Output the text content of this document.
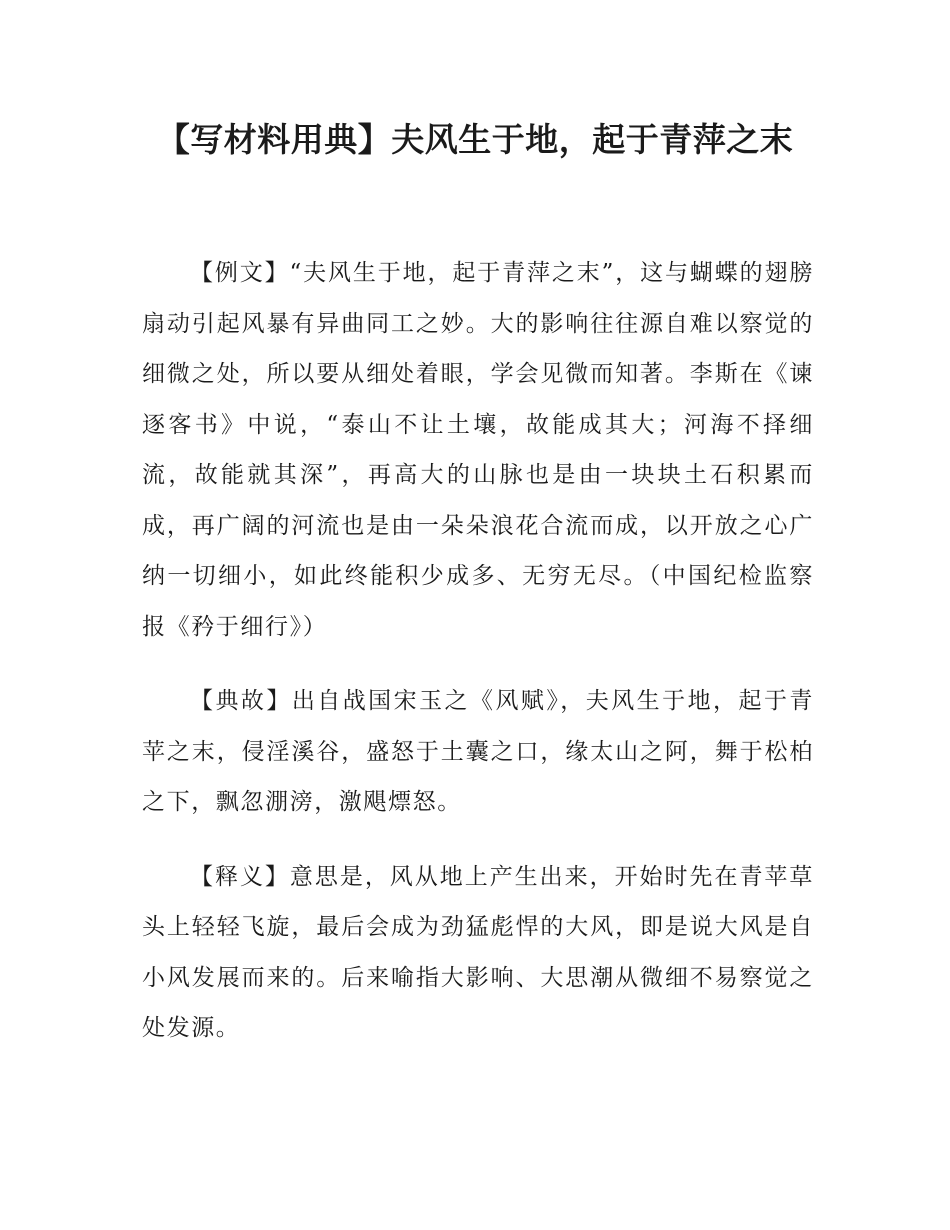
【写材料用典】夫风生于地，起于青萍之末

【例文】“夫风生于地，起于青萍之末”，这与蝴蝶的翅膀扇动引起风暴有异曲同工之妙。大的影响往往源自难以察觉的细微之处，所以要从细处着眼，学会见微而知著。李斯在《谏逐客书》中说，“泰山不让土壤，故能成其大；河海不择细流，故能就其深”，再高大的山脉也是由一块块土石积累而成，再广阔的河流也是由一朵朵浪花合流而成，以开放之心广纳一切细小，如此终能积少成多、无穷无尽。（中国纪检监察报《矜于细行》）

【典故】出自战国宋玉之《风赋》，夫风生于地，起于青苹之末，侵淫溪谷，盛怒于土囊之口，缘太山之阿，舞于松柏之下，飘忽淜滂，激飓熛怒。

【释义】意思是，风从地上产生出来，开始时先在青苹草头上轻轻飞旋，最后会成为劲猛彪悍的大风，即是说大风是自小风发展而来的。后来喻指大影响、大思潮从微细不易察觉之处发源。
